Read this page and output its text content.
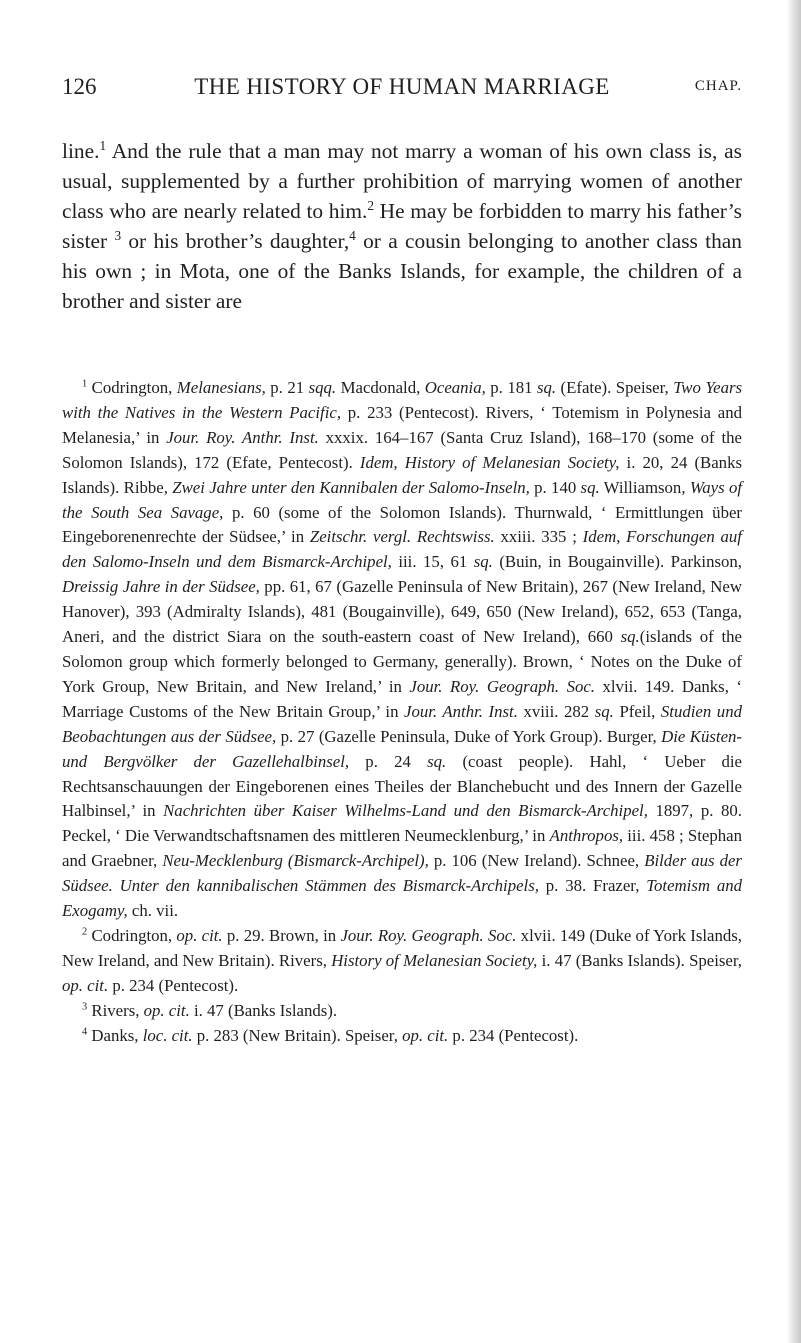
126	THE HISTORY OF HUMAN MARRIAGE	CHAP.

line.$^1$ And the rule that a man may not marry a woman of his own class is, as usual, supplemented by a further prohibition of marrying women of another class who are nearly related to him.$^2$ He may be forbidden to marry his father’s sister $^3$ or his brother’s daughter,$^4$ or a cousin belonging to another class than his own ; in Mota, one of the Banks Islands, for example, the children of a brother and sister are

$^1$ Codrington, Melanesians, p. 21 sqq. Macdonald, Oceania, p. 181 sq. (Efate). Speiser, Two Years with the Natives in the Western Pacific, p. 233 (Pentecost). Rivers, ‘ Totemism in Polynesia and Melanesia,’ in Jour. Roy. Anthr. Inst. xxxix. 164–167 (Santa Cruz Island), 168–170 (some of the Solomon Islands), 172 (Efate, Pentecost). Idem, History of Melanesian Society, i. 20, 24 (Banks Islands). Ribbe, Zwei Jahre unter den Kannibalen der Salomo-Inseln, p. 140 sq. Williamson, Ways of the South Sea Savage, p. 60 (some of the Solomon Islands). Thurnwald, ‘ Ermittlungen über Eingeborenenrechte der Südsee,’ in Zeitschr. vergl. Rechtswiss. xxiii. 335 ; Idem, Forschungen auf den Salomo-Inseln und dem Bismarck-Archipel, iii. 15, 61 sq. (Buin, in Bougainville). Parkinson, Dreissig Jahre in der Südsee, pp. 61, 67 (Gazelle Peninsula of New Britain), 267 (New Ireland, New Hanover), 393 (Admiralty Islands), 481 (Bougainville), 649, 650 (New Ireland), 652, 653 (Tanga, Aneri, and the district Siara on the south-eastern coast of New Ireland), 660 sq.(islands of the Solomon group which formerly belonged to Germany, generally). Brown, ‘ Notes on the Duke of York Group, New Britain, and New Ireland,’ in Jour. Roy. Geograph. Soc. xlvii. 149. Danks, ‘ Marriage Customs of the New Britain Group,’ in Jour. Anthr. Inst. xviii. 282 sq. Pfeil, Studien und Beobachtungen aus der Südsee, p. 27 (Gazelle Peninsula, Duke of York Group). Burger, Die Küsten- und Bergvölker der Gazellehalbinsel, p. 24 sq. (coast people). Hahl, ‘ Ueber die Rechtsanschauungen der Eingeborenen eines Theiles der Blanchebucht und des Innern der Gazelle Halbinsel,’ in Nachrichten über Kaiser Wilhelms-Land und den Bismarck-Archipel, 1897, p. 80. Peckel, ‘ Die Verwandtschaftsnamen des mittleren Neumecklenburg,’ in Anthropos, iii. 458 ; Stephan and Graebner, Neu-Mecklenburg (Bismarck-Archipel), p. 106 (New Ireland). Schnee, Bilder aus der Südsee. Unter den kannibalischen Stämmen des Bismarck-Archipels, p. 38. Frazer, Totemism and Exogamy, ch. vii.

$^2$ Codrington, op. cit. p. 29. Brown, in Jour. Roy. Geograph. Soc. xlvii. 149 (Duke of York Islands, New Ireland, and New Britain). Rivers, History of Melanesian Society, i. 47 (Banks Islands). Speiser, op. cit. p. 234 (Pentecost).

$^3$ Rivers, op. cit. i. 47 (Banks Islands).

$^4$ Danks, loc. cit. p. 283 (New Britain). Speiser, op. cit. p. 234 (Pentecost).
